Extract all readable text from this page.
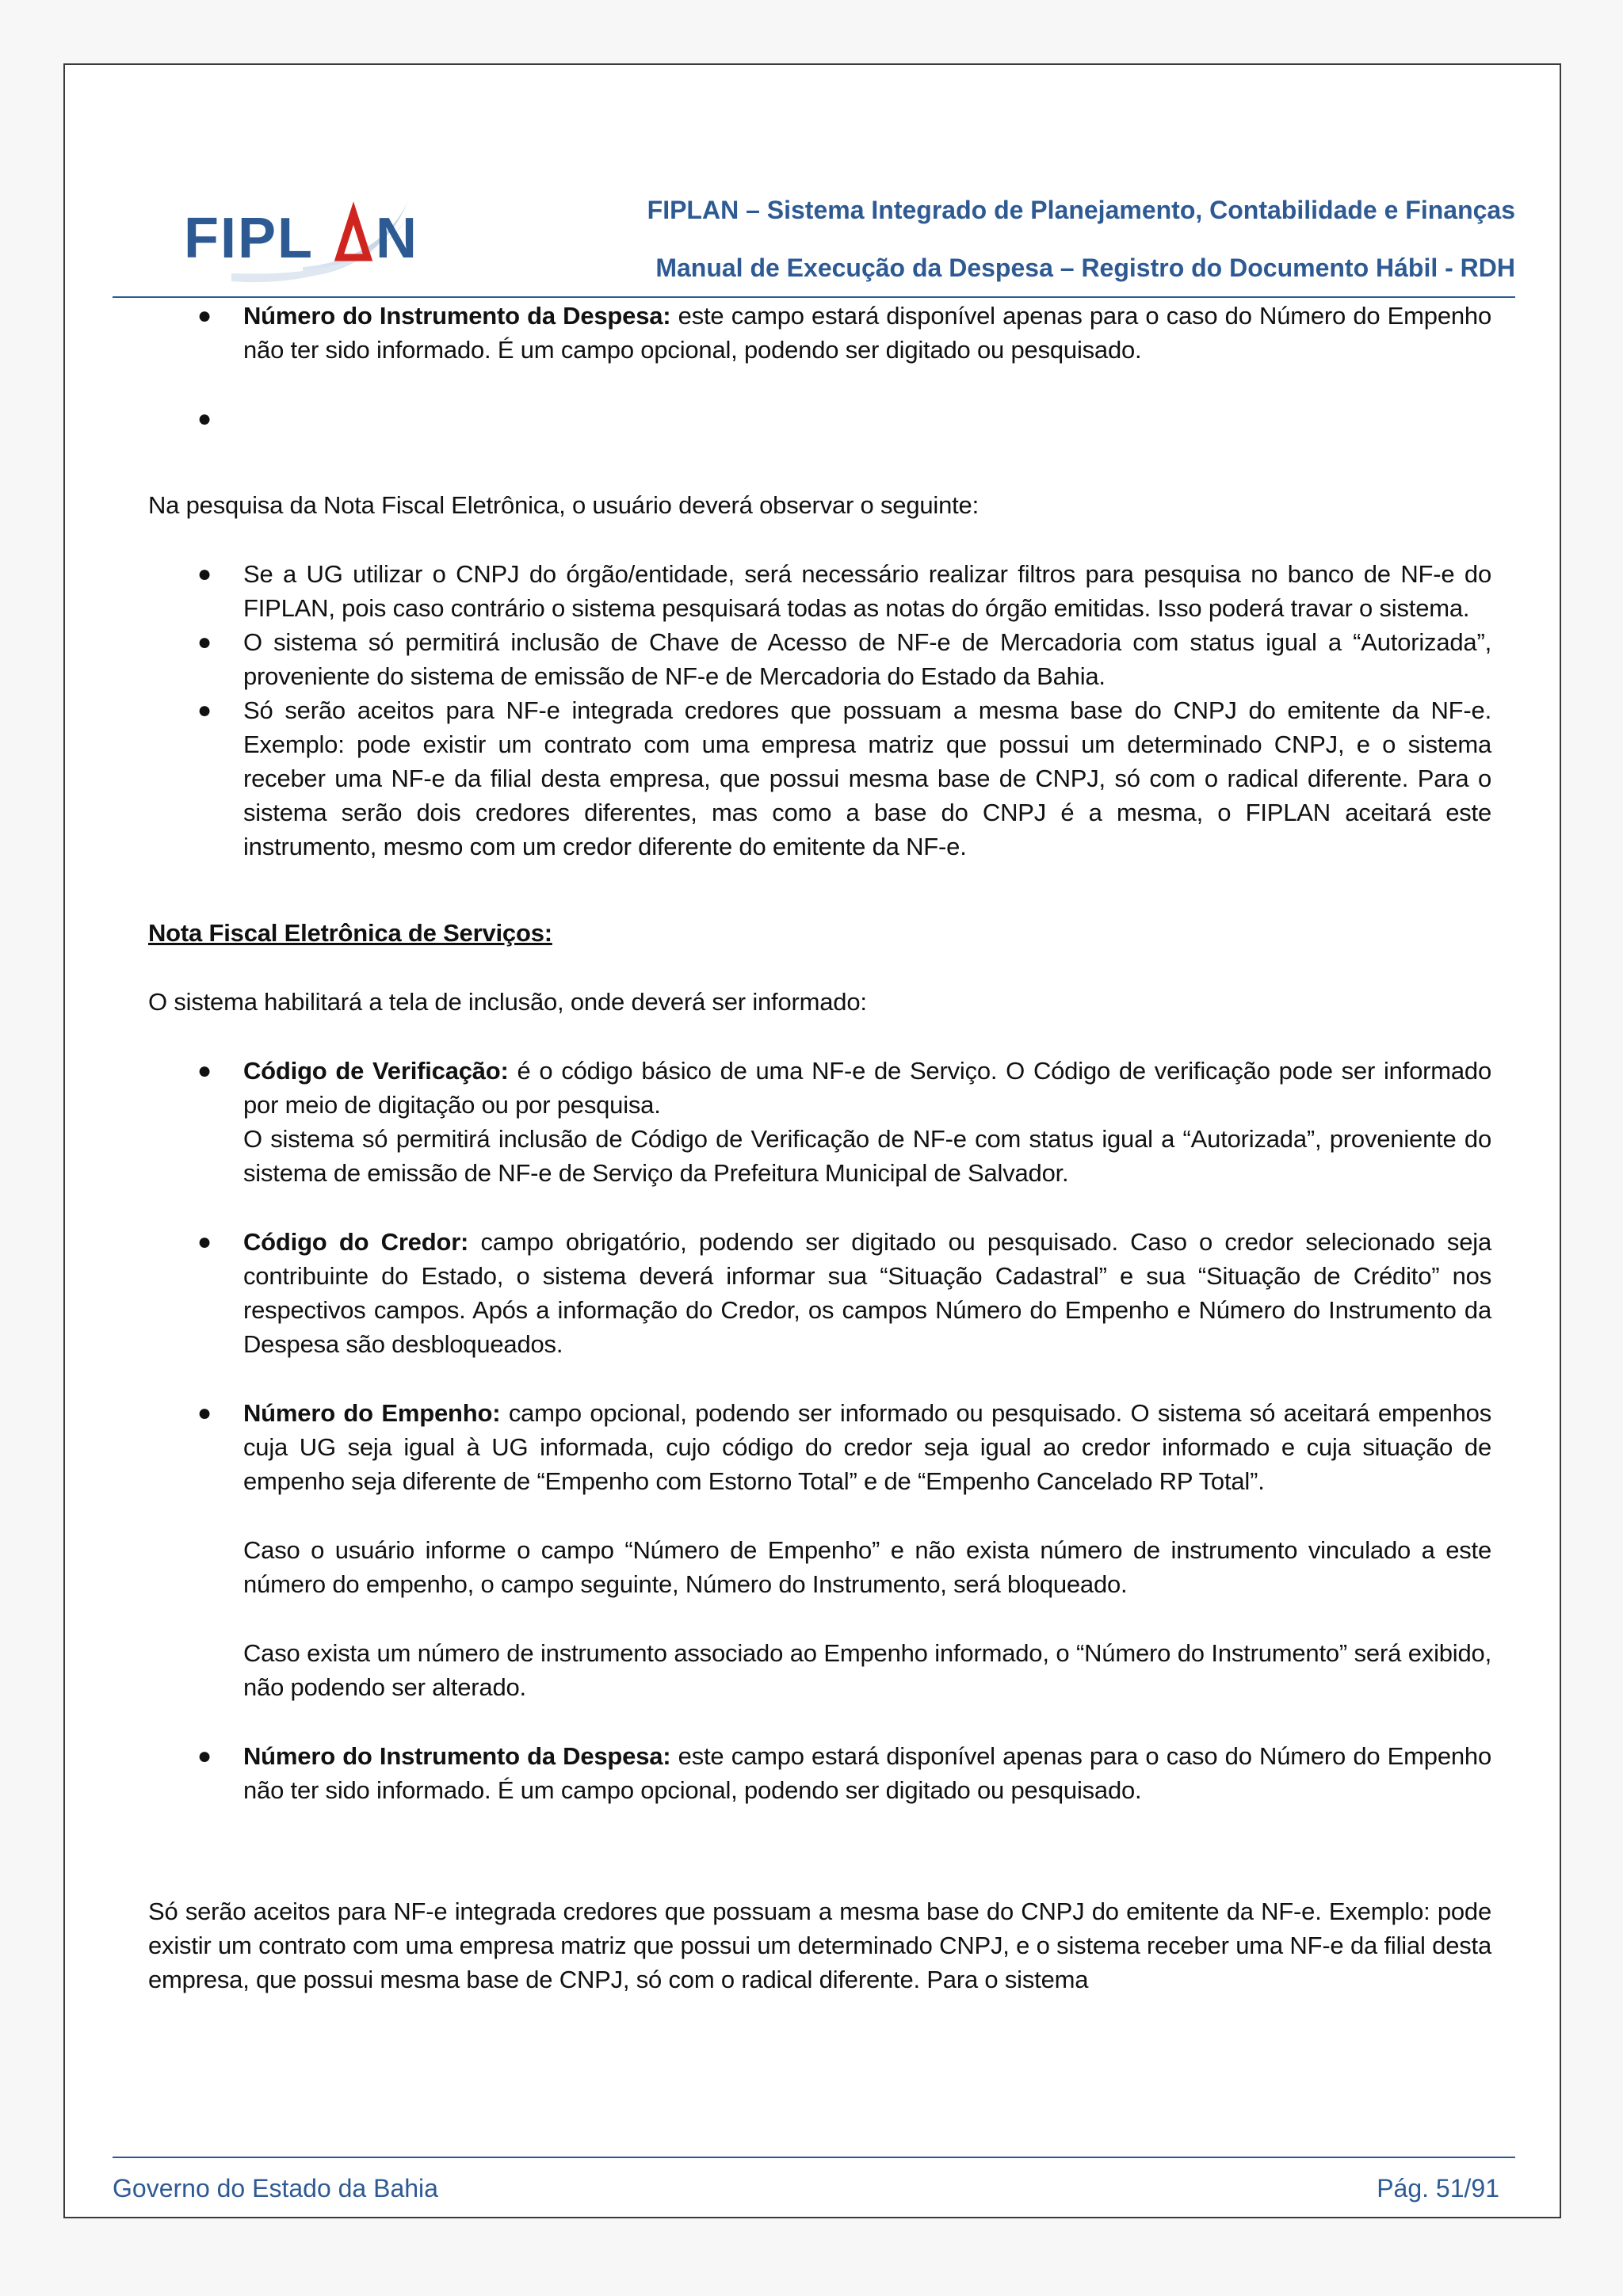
FIPL N	FIPLAN – Sistema Integrado de Planejamento, Contabilidade e Finanças
Manual de Execução da Despesa – Registro do Documento Hábil - RDH
● Número do Instrumento da Despesa: este campo estará disponível apenas para o caso do Número do Empenho não ter sido informado. É um campo opcional, podendo ser digitado ou pesquisado.
●

Na pesquisa da Nota Fiscal Eletrônica, o usuário deverá observar o seguinte:
● Se a UG utilizar o CNPJ do órgão/entidade, será necessário realizar filtros para pesquisa no banco de NF-e do FIPLAN, pois caso contrário o sistema pesquisará todas as notas do órgão emitidas. Isso poderá travar o sistema.
● O sistema só permitirá inclusão de Chave de Acesso de NF-e de Mercadoria com status igual a “Autorizada”, proveniente do sistema de emissão de NF-e de Mercadoria do Estado da Bahia.
● Só serão aceitos para NF-e integrada credores que possuam a mesma base do CNPJ do emitente da NF-e. Exemplo: pode existir um contrato com uma empresa matriz que possui um determinado CNPJ, e o sistema receber uma NF-e da filial desta empresa, que possui mesma base de CNPJ, só com o radical diferente. Para o sistema serão dois credores diferentes, mas como a base do CNPJ é a mesma, o FIPLAN aceitará este instrumento, mesmo com um credor diferente do emitente da NF-e.
Nota Fiscal Eletrônica de Serviços:
O sistema habilitará a tela de inclusão, onde deverá ser informado:
● Código de Verificação: é o código básico de uma NF-e de Serviço. O Código de verificação pode ser informado por meio de digitação ou por pesquisa.
O sistema só permitirá inclusão de Código de Verificação de NF-e com status igual a “Autorizada”, proveniente do sistema de emissão de NF-e de Serviço da Prefeitura Municipal de Salvador.
● Código do Credor: campo obrigatório, podendo ser digitado ou pesquisado. Caso o credor selecionado seja contribuinte do Estado, o sistema deverá informar sua “Situação Cadastral” e sua “Situação de Crédito” nos respectivos campos. Após a informação do Credor, os campos Número do Empenho e Número do Instrumento da Despesa são desbloqueados.
● Número do Empenho: campo opcional, podendo ser informado ou pesquisado. O sistema só aceitará empenhos cuja UG seja igual à UG informada, cujo código do credor seja igual ao credor informado e cuja situação de empenho seja diferente de “Empenho com Estorno Total” e de “Empenho Cancelado RP Total”.
Caso o usuário informe o campo “Número de Empenho” e não exista número de instrumento vinculado a este número do empenho, o campo seguinte, Número do Instrumento, será bloqueado.
Caso exista um número de instrumento associado ao Empenho informado, o “Número do Instrumento” será exibido, não podendo ser alterado.
● Número do Instrumento da Despesa: este campo estará disponível apenas para o caso do Número do Empenho não ter sido informado. É um campo opcional, podendo ser digitado ou pesquisado.
Só serão aceitos para NF-e integrada credores que possuam a mesma base do CNPJ do emitente da NF-e. Exemplo: pode existir um contrato com uma empresa matriz que possui um determinado CNPJ, e o sistema receber uma NF-e da filial desta empresa, que possui mesma base de CNPJ, só com o radical diferente. Para o sistema
Governo do Estado da Bahia	Pág. 51/91
